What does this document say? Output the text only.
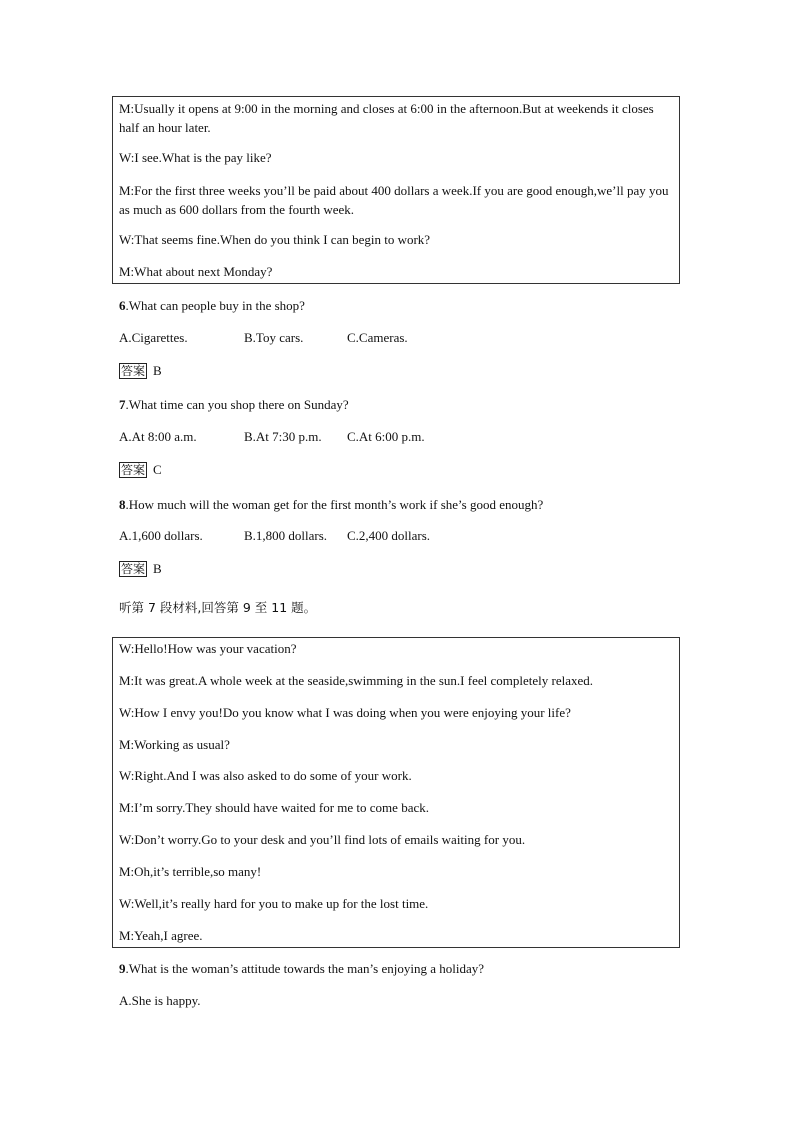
M:Usually it opens at 9:00 in the morning and closes at 6:00 in the afternoon.But at weekends it closes half an hour later.
W:I see.What is the pay like?
M:For the first three weeks you’ll be paid about 400 dollars a week.If you are good enough,we’ll pay you as much as 600 dollars from the fourth week.
W:That seems fine.When do you think I can begin to work?
M:What about next Monday?
6.What can people buy in the shop?
A.Cigarettes.	B.Toy cars.	C.Cameras.
答案 B
7.What time can you shop there on Sunday?
A.At 8:00 a.m.	B.At 7:30 p.m. C.At 6:00 p.m.
答案 C
8.How much will the woman get for the first month’s work if she’s good enough?
A.1,600 dollars.	B.1,800 dollars. C.2,400 dollars.
答案 B
听第 7 段材料,回答第 9 至 11 题。
W:Hello!How was your vacation?
M:It was great.A whole week at the seaside,swimming in the sun.I feel completely relaxed.
W:How I envy you!Do you know what I was doing when you were enjoying your life?
M:Working as usual?
W:Right.And I was also asked to do some of your work.
M:I’m sorry.They should have waited for me to come back.
W:Don’t worry.Go to your desk and you’ll find lots of emails waiting for you.
M:Oh,it’s terrible,so many!
W:Well,it’s really hard for you to make up for the lost time.
M:Yeah,I agree.
9.What is the woman’s attitude towards the man’s enjoying a holiday?
A.She is happy.
